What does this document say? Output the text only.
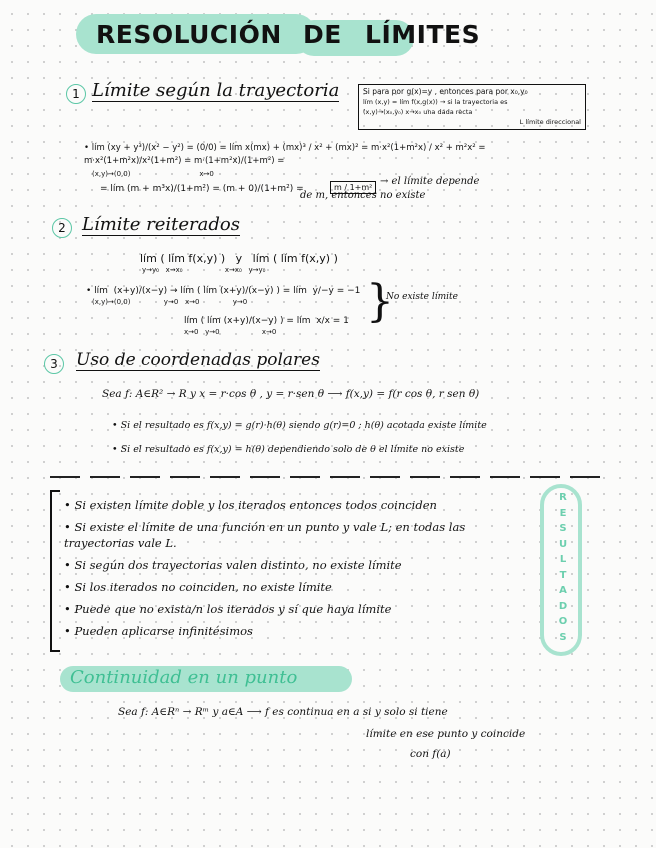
RESOLUCIÓN DE LÍMITES
1 Límite según la trayectoria	Si para por g(x)=y , entonces para por x₀,y₀
lím (x,y) = lím f(x,g(x)) → si la trayectoria es
(x,y)→(x₀,y₀) x→x₀ una dada recta
L límite direccional
• lím (xy + y³)/(x² − y²) = (0/0) = lím x(mx) + (mx)³ / x² + (mx)² = m·x²(1+m²x) / x² + m²x² = m·x²(1+m²x)/x²(1+m²) = m·(1+m²x)/(1+m²) =
(x,y)→(0,0)                               x→0
= lím (m + m³x)/(1+m²) = (m + 0)/(1+m²) =	m / 1+m²
→ el límite depende
de m, entonces no existe
2 Límite reiterados
lím ( lím f(x,y) )   y   lím ( lím f(x,y) )
y→y₀   x→x₀                   x→x₀   y→y₀
• lím  (x+y)/(x−y) → lím ( lím (x+y)/(x−y) ) = lím  y/−y = −1
(x,y)→(0,0)               y→0   x→0               y→0
lím ( lím (x+y)/(x−y) ) = lím  x/x = 1
x→0   y→0                   x→0
}
No existe límite
3	Uso de coordenadas polares
Sea f: A∈R² → R y x = r·cos θ , y = r·sen θ ⟶ f(x,y) = f(r cos θ, r sen θ)
• Si el resultado es f(x,y) = g(r)·h(θ) siendo g(r)=0 ; h(θ) acotada existe límite
• Si el resultado es f(x,y) = h(θ) dependiendo solo de θ el límite no existe
• Si existen límite doble y los iterados entonces todos coinciden
• Si existe el límite de una función en un punto y vale L; en todas las
trayectorias vale L.
• Si según dos trayectorias valen distinto, no existe límite
• Si los iterados no coinciden, no existe límite
• Puede que no exista/n los iterados y sí que haya límite
• Pueden aplicarse infinitésimos
R
E
S
U
L
T
A
D
O
S
Continuidad en un punto
Sea f: A∈Rⁿ → Rᵐ y a∈A ⟶ f es continua en a si y solo si tiene
límite en ese punto y coincide
con f(a)
